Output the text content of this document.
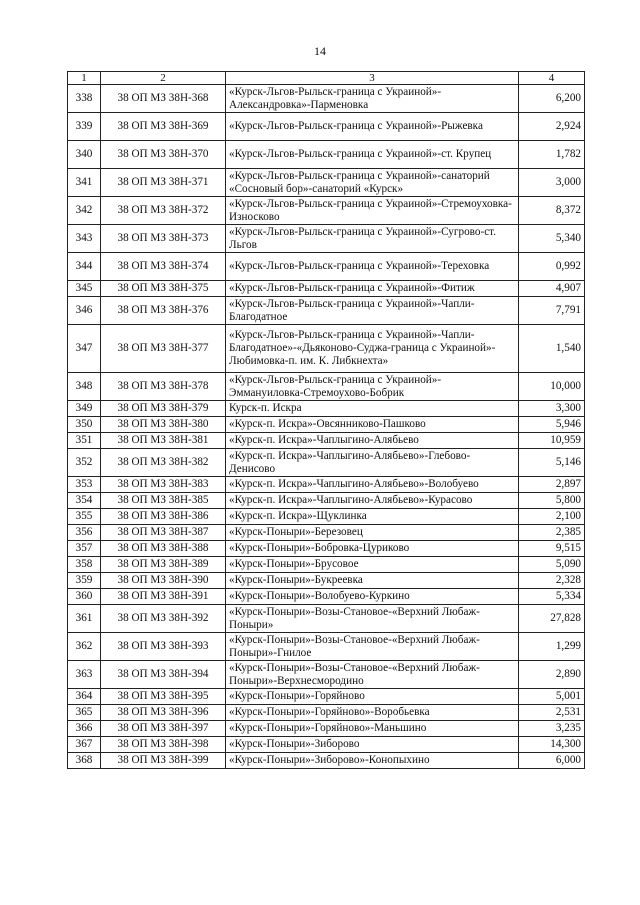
14
1	2	3	4
338	38 ОП МЗ 38Н-368	«Курск-Льгов-Рыльск-граница с Украиной»-Александровка»-Парменовка	6,200
339	38 ОП МЗ 38Н-369	«Курск-Льгов-Рыльск-граница с Украиной»-Рыжевка	2,924
340	38 ОП МЗ 38Н-370	«Курск-Льгов-Рыльск-граница с Украиной»-ст. Крупец	1,782
341	38 ОП МЗ 38Н-371	«Курск-Льгов-Рыльск-граница с Украиной»-санаторий «Сосновый бор»-санаторий «Курск»	3,000
342	38 ОП МЗ 38Н-372	«Курск-Льгов-Рыльск-граница с Украиной»-Стремоуховка-Износково	8,372
343	38 ОП МЗ 38Н-373	«Курск-Льгов-Рыльск-граница с Украиной»-Сугрово-ст. Льгов	5,340
344	38 ОП МЗ 38Н-374	«Курск-Льгов-Рыльск-граница с Украиной»-Тереховка	0,992
345	38 ОП МЗ 38Н-375	«Курск-Льгов-Рыльск-граница с Украиной»-Фитиж	4,907
346	38 ОП МЗ 38Н-376	«Курск-Льгов-Рыльск-граница с Украиной»-Чапли-Благодатное	7,791
347	38 ОП МЗ 38Н-377	«Курск-Льгов-Рыльск-граница с Украиной»-Чапли-Благодатное»-«Дьяконово-Суджа-граница с Украиной»-Любимовка-п. им. К. Либкнехта»	1,540
348	38 ОП МЗ 38Н-378	«Курск-Льгов-Рыльск-граница с Украиной»-Эммануиловка-Стремоухово-Бобрик	10,000
349	38 ОП МЗ 38Н-379	Курск-п. Искра	3,300
350	38 ОП МЗ 38Н-380	«Курск-п. Искра»-Овсянниково-Пашково	5,946
351	38 ОП МЗ 38Н-381	«Курск-п. Искра»-Чаплыгино-Алябьево	10,959
352	38 ОП МЗ 38Н-382	«Курск-п. Искра»-Чаплыгино-Алябьево»-Глебово-Денисово	5,146
353	38 ОП МЗ 38Н-383	«Курск-п. Искра»-Чаплыгино-Алябьево»-Волобуево	2,897
354	38 ОП МЗ 38Н-385	«Курск-п. Искра»-Чаплыгино-Алябьево»-Курасово	5,800
355	38 ОП МЗ 38Н-386	«Курск-п. Искра»-Щуклинка	2,100
356	38 ОП МЗ 38Н-387	«Курск-Поныри»-Березовец	2,385
357	38 ОП МЗ 38Н-388	«Курск-Поныри»-Бобровка-Цуриково	9,515
358	38 ОП МЗ 38Н-389	«Курск-Поныри»-Брусовое	5,090
359	38 ОП МЗ 38Н-390	«Курск-Поныри»-Букреевка	2,328
360	38 ОП МЗ 38Н-391	«Курск-Поныри»-Волобуево-Куркино	5,334
361	38 ОП МЗ 38Н-392	«Курск-Поныри»-Возы-Становое-«Верхний Любаж-Поныри»	27,828
362	38 ОП МЗ 38Н-393	«Курск-Поныри»-Возы-Становое-«Верхний Любаж-Поныри»-Гнилое	1,299
363	38 ОП МЗ 38Н-394	«Курск-Поныри»-Возы-Становое-«Верхний Любаж-Поныри»-Верхнесмородино	2,890
364	38 ОП МЗ 38Н-395	«Курск-Поныри»-Горяйново	5,001
365	38 ОП МЗ 38Н-396	«Курск-Поныри»-Горяйново»-Воробьевка	2,531
366	38 ОП МЗ 38Н-397	«Курск-Поныри»-Горяйново»-Маньшино	3,235
367	38 ОП МЗ 38Н-398	«Курск-Поныри»-Зиборово	14,300
368	38 ОП МЗ 38Н-399	«Курск-Поныри»-Зиборово»-Конопыхино	6,000
